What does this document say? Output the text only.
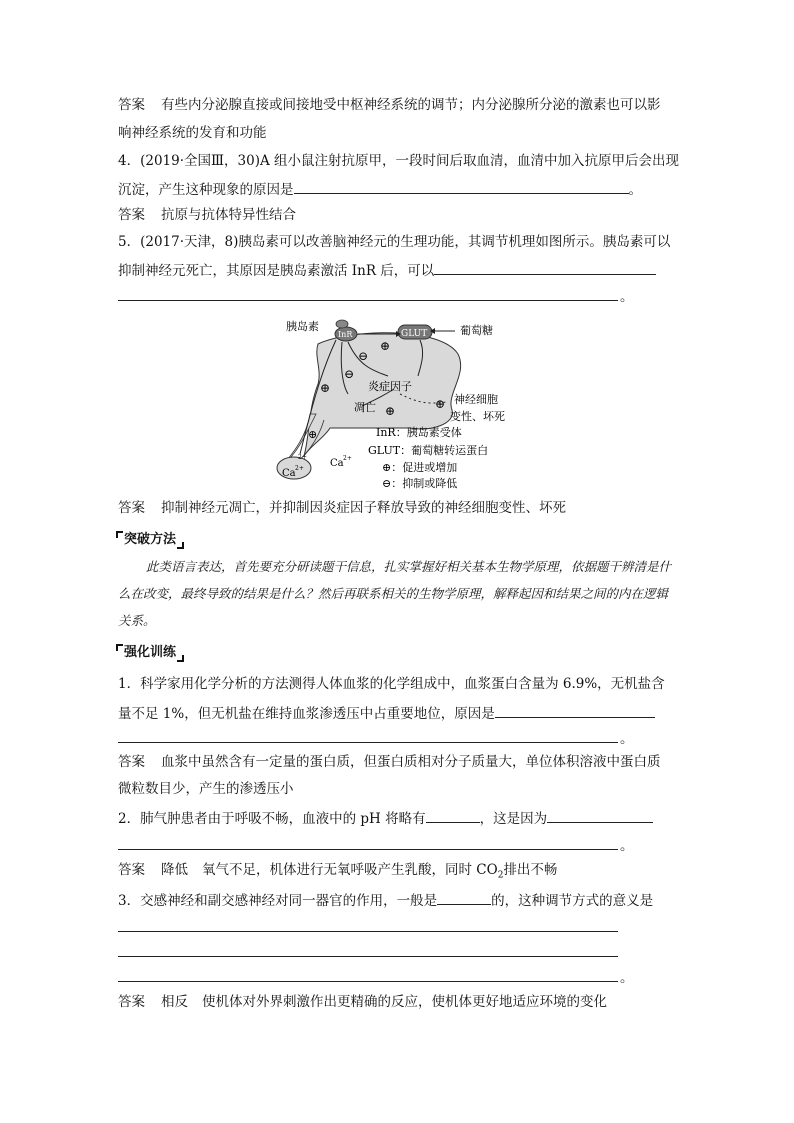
答案 有些内分泌腺直接或间接地受中枢神经系统的调节；内分泌腺所分泌的激素也可以影
响神经系统的发育和功能
4．(2019·全国Ⅲ，30)A 组小鼠注射抗原甲，一段时间后取血清，血清中加入抗原甲后会出现
沉淀，产生这种现象的原因是	。
答案 抗原与抗体特异性结合
5．(2017·天津，8)胰岛素可以改善脑神经元的生理功能，其调节机理如图所示。胰岛素可以
抑制神经元死亡，其原因是胰岛素激活 InR 后，可以
。
2+
InR	GLUT
⊕
⊖
⊖
⊕
⊕	⊕
⊕
胰岛素	葡萄糖
炎症因子
凋亡
神经细胞
变性、坏死
Ca 2+	Ca 2+
InR：胰岛素受体
GLUT：葡萄糖转运蛋白
⊕：促进或增加
⊖：抑制或降低
答案 抑制神经元凋亡，并抑制因炎症因子释放导致的神经细胞变性、坏死
突破方法
此类语言表达，首先要充分研读题干信息，扎实掌握好相关基本生物学原理，依据题干辨清是什么在改变，最终导致的结果是什么？然后再联系相关的生物学原理，解释起因和结果之间的内在逻辑关系。
强化训练
1．科学家用化学分析的方法测得人体血浆的化学组成中，血浆蛋白含量为 6.9%，无机盐含
量不足 1%，但无机盐在维持血浆渗透压中占重要地位，原因是
。
答案 血浆中虽然含有一定量的蛋白质，但蛋白质相对分子质量大，单位体积溶液中蛋白质
微粒数目少，产生的渗透压小
2．肺气肿患者由于呼吸不畅，血液中的 pH 将略有	，这是因为
。
答案 降低 氧气不足，机体进行无氧呼吸产生乳酸，同时 $CO_2$排出不畅
3．交感神经和副交感神经对同一器官的作用，一般是	的，这种调节方式的意义是
。
答案 相反 使机体对外界刺激作出更精确的反应，使机体更好地适应环境的变化
